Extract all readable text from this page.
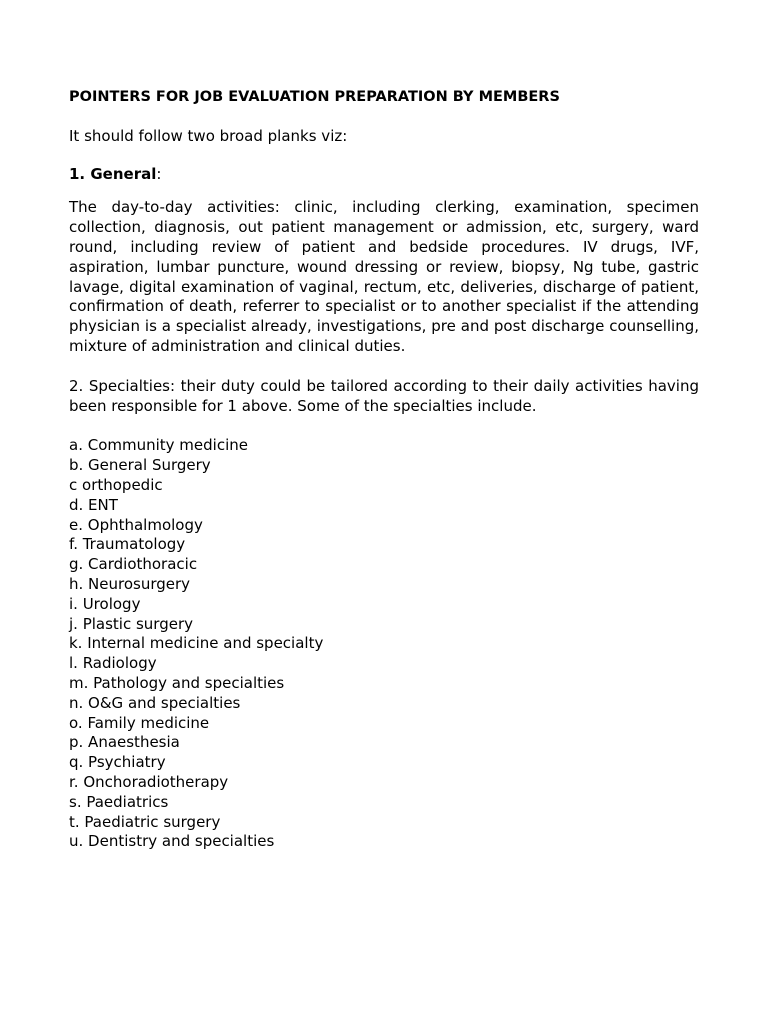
POINTERS FOR JOB EVALUATION PREPARATION BY MEMBERS

It should follow two broad planks viz:

1. General:

The day-to-day activities: clinic, including clerking, examination, specimen collection, diagnosis, out patient management or admission, etc, surgery, ward round, including review of patient and bedside procedures. IV drugs, IVF, aspiration, lumbar puncture, wound dressing or review, biopsy, Ng tube, gastric lavage, digital examination of vaginal, rectum, etc, deliveries, discharge of patient, confirmation of death, referrer to specialist or to another specialist if the attending physician is a specialist already, investigations, pre and post discharge counselling, mixture of administration and clinical duties.

2. Specialties: their duty could be tailored according to their daily activities having been responsible for 1 above. Some of the specialties include.

a. Community medicine
b. General Surgery
c orthopedic
d. ENT
e. Ophthalmology
f. Traumatology
g. Cardiothoracic
h. Neurosurgery
i. Urology
j. Plastic surgery
k. Internal medicine and specialty
l. Radiology
m. Pathology and specialties
n. O&G and specialties
o. Family medicine
p. Anaesthesia
q. Psychiatry
r. Onchoradiotherapy
s. Paediatrics
t. Paediatric surgery
u. Dentistry and specialties
